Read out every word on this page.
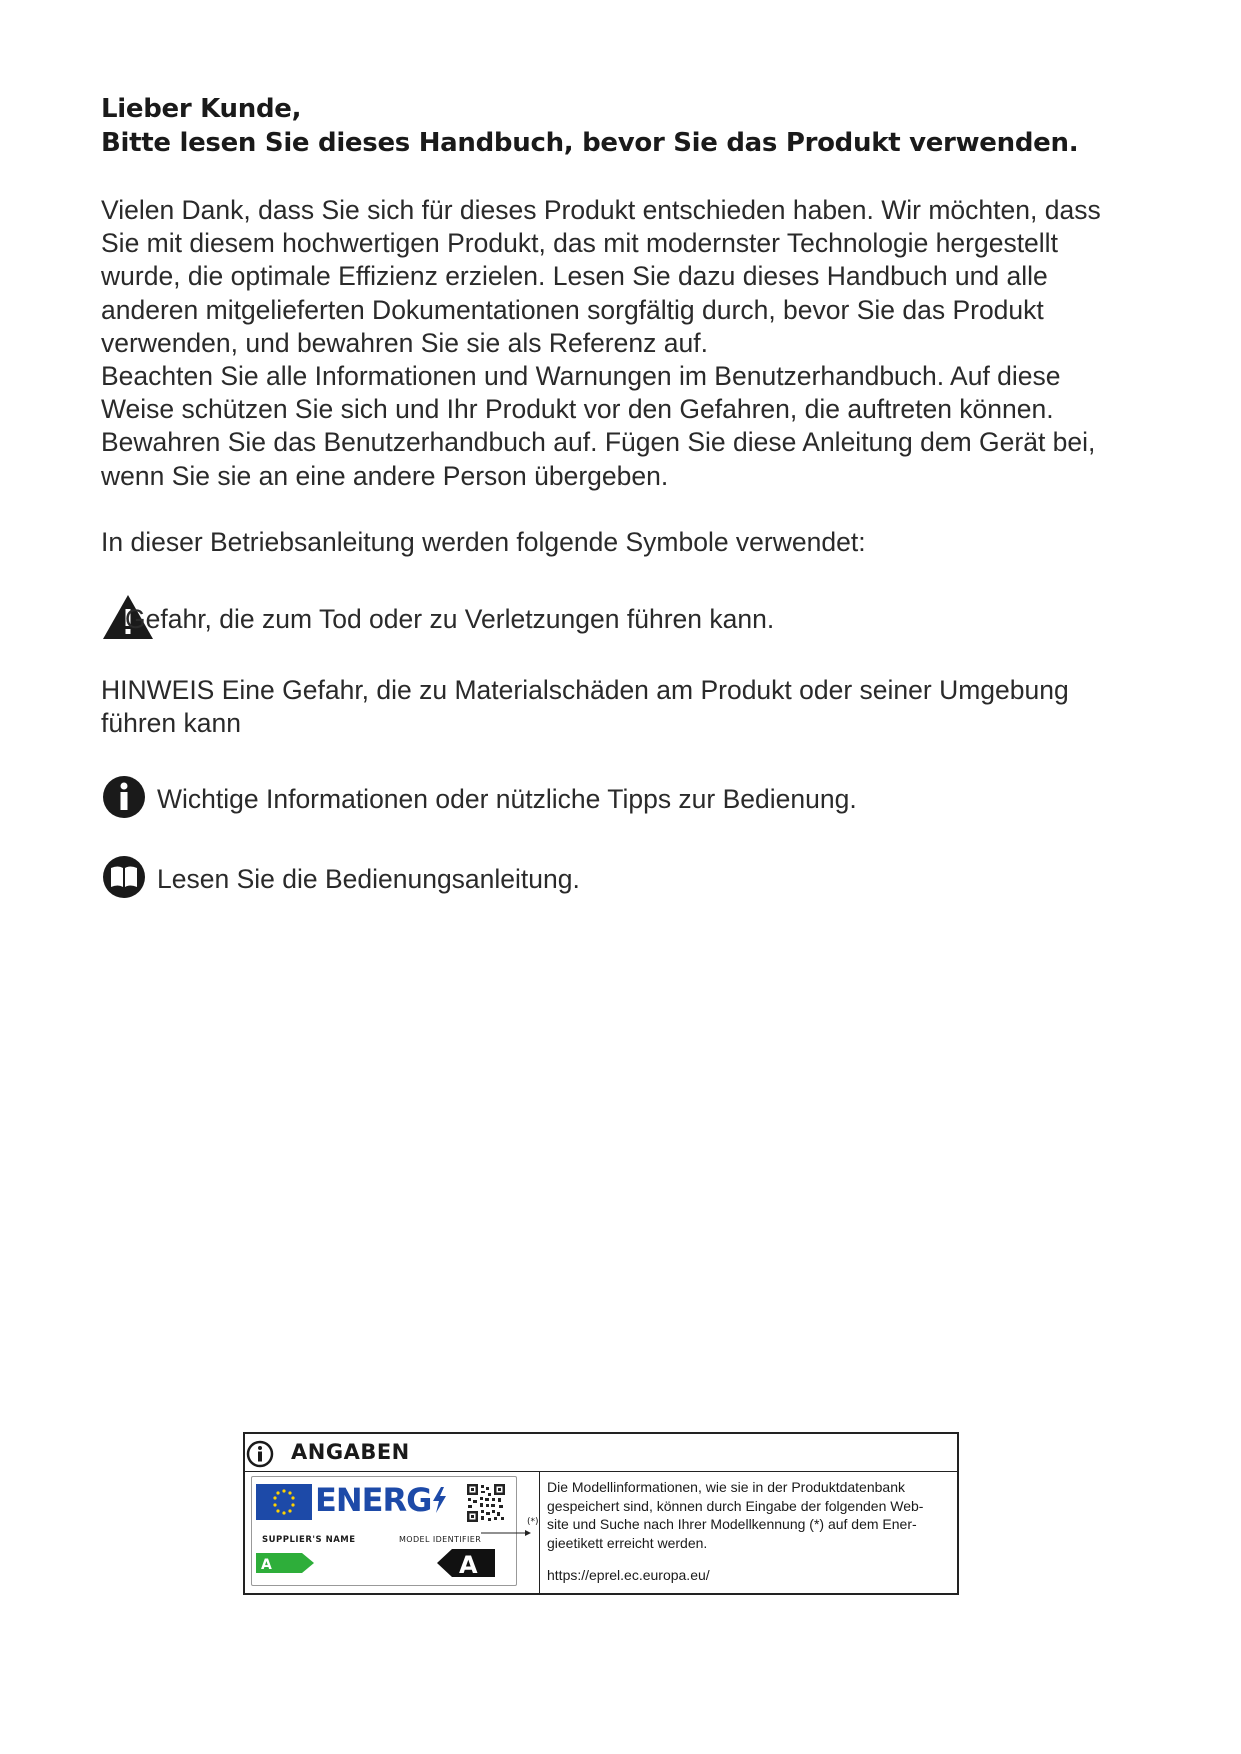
Lieber Kunde,
Bitte lesen Sie dieses Handbuch, bevor Sie das Produkt verwenden.

Vielen Dank, dass Sie sich für dieses Produkt entschieden haben. Wir möchten, dass

Sie mit diesem hochwertigen Produkt, das mit modernster Technologie hergestellt

wurde, die optimale Effizienz erzielen. Lesen Sie dazu dieses Handbuch und alle

anderen mitgelieferten Dokumentationen sorgfältig durch, bevor Sie das Produkt

verwenden, und bewahren Sie sie als Referenz auf.

Beachten Sie alle Informationen und Warnungen im Benutzerhandbuch. Auf diese

Weise schützen Sie sich und Ihr Produkt vor den Gefahren, die auftreten können.

Bewahren Sie das Benutzerhandbuch auf. Fügen Sie diese Anleitung dem Gerät bei,

wenn Sie sie an eine andere Person übergeben.

In dieser Betriebsanleitung werden folgende Symbole verwendet:
Gefahr, die zum Tod oder zu Verletzungen führen kann.
HINWEIS Eine Gefahr, die zu Materialschäden am Produkt oder seiner Umgebung
führen kann
Wichtige Informationen oder nützliche Tipps zur Bedienung.
Lesen Sie die Bedienungsanleitung.
ANGABEN
ENERG
SUPPLIER'S NAME	MODEL IDENTIFIER
A	A
(*)

Die Modellinformationen, wie sie in der Produktdatenbank

gespeichert sind, können durch Eingabe der folgenden Web-

site und Suche nach Ihrer Modellkennung (*) auf dem Ener-

gieetikett erreicht werden.

https://eprel.ec.europa.eu/
